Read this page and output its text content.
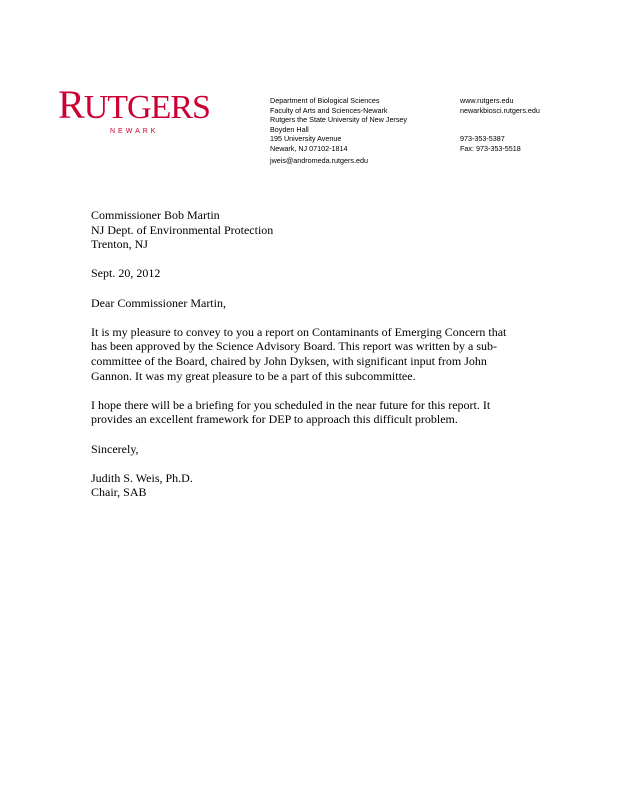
RUTGERS
NEWARK
Department of Biological Sciences
Faculty of Arts and Sciences-Newark
Rutgers the State University of New Jersey
Boyden Hall
195 University Avenue
Newark, NJ 07102-1814
www.rutgers.edu
newarkbiosci.rutgers.edu
973-353-5387
Fax: 973-353-5518
jweis@andromeda.rutgers.edu

Commissioner Bob Martin
NJ Dept. of Environmental Protection
Trenton, NJ

Sept. 20, 2012

Dear Commissioner Martin,

It is my pleasure to convey to you a report on Contaminants of Emerging Concern that
has been approved by the Science Advisory Board. This report was written by a sub-
committee of the Board, chaired by John Dyksen, with significant input from John
Gannon. It was my great pleasure to be a part of this subcommittee.

I hope there will be a briefing for you scheduled in the near future for this report. It
provides an excellent framework for DEP to approach this difficult problem.

Sincerely,

Judith S. Weis, Ph.D.
Chair, SAB
